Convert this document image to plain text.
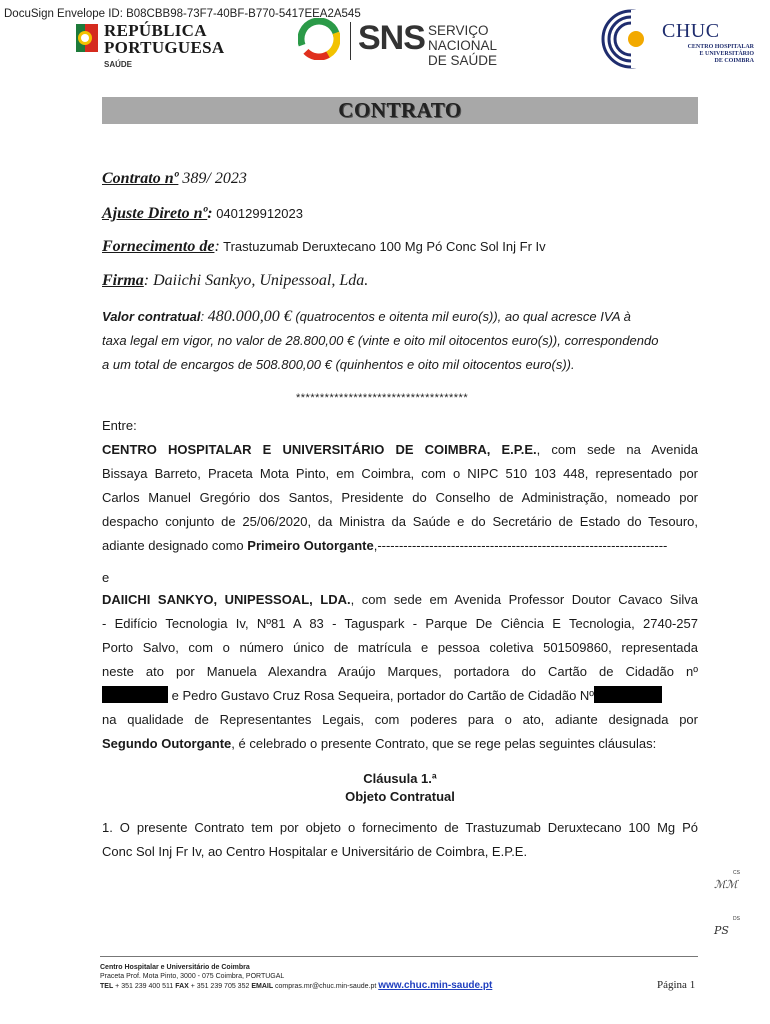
DocuSign Envelope ID: B08CBB98-73F7-40BF-B770-5417EEA2A545
REPÚBLICA
PORTUGUESA
SAÚDE
SNS SERVIÇO NACIONAL
DE SAÚDE
CHUC
CENTRO HOSPITALAR
E UNIVERSITÁRIO
DE COIMBRA
CONTRATO
Contrato nº 389/ 2023
Ajuste Direto nº: 040129912023
Fornecimento de: Trastuzumab Deruxtecano 100 Mg Pó Conc Sol Inj Fr Iv
Firma: Daiichi Sankyo, Unipessoal, Lda.
Valor contratual: 480.000,00 € (quatrocentos e oitenta mil euro(s)), ao qual acresce IVA à
taxa legal em vigor, no valor de 28.800,00 € (vinte e oito mil oitocentos euro(s)), correspondendo
a um total de encargos de 508.800,00 € (quinhentos e oito mil oitocentos euro(s)).
************************************
Entre:
CENTRO HOSPITALAR E UNIVERSITÁRIO DE COIMBRA, E.P.E., com sede na Avenida
Bissaya Barreto, Praceta Mota Pinto, em Coimbra, com o NIPC 510 103 448, representado por
Carlos Manuel Gregório dos Santos, Presidente do Conselho de Administração, nomeado por
despacho conjunto de 25/06/2020, da Ministra da Saúde e do Secretário de Estado do Tesouro,
adiante designado como Primeiro Outorgante,-------------------------------------------------------------------
e
DAIICHI SANKYO, UNIPESSOAL, LDA., com sede em Avenida Professor Doutor Cavaco Silva
- Edifício Tecnologia Iv, Nº81 A 83 - Taguspark - Parque De Ciência E Tecnologia, 2740-257
Porto Salvo, com o número único de matrícula e pessoa coletiva 501509860, representada
neste ato por Manuela Alexandra Araújo Marques, portadora do Cartão de Cidadão nº
e Pedro Gustavo Cruz Rosa Sequeira, portador do Cartão de Cidadão Nº
na qualidade de Representantes Legais, com poderes para o ato, adiante designada por
Segundo Outorgante, é celebrado o presente Contrato, que se rege pelas seguintes cláusulas:
Cláusula 1.ª
Objeto Contratual
1. O presente Contrato tem por objeto o fornecimento de Trastuzumab Deruxtecano 100 Mg Pó
Conc Sol Inj Fr Iv, ao Centro Hospitalar e Universitário de Coimbra, E.P.E.
CS
ℳℳ
DS
PS
Centro Hospitalar e Universitário de Coimbra
Praceta Prof. Mota Pinto, 3000 - 075 Coimbra, PORTUGAL
TEL + 351 239 400 511 FAX + 351 239 705 352 EMAIL compras.mr@chuc.min-saude.pt www.chuc.min-saude.pt	Página 1
